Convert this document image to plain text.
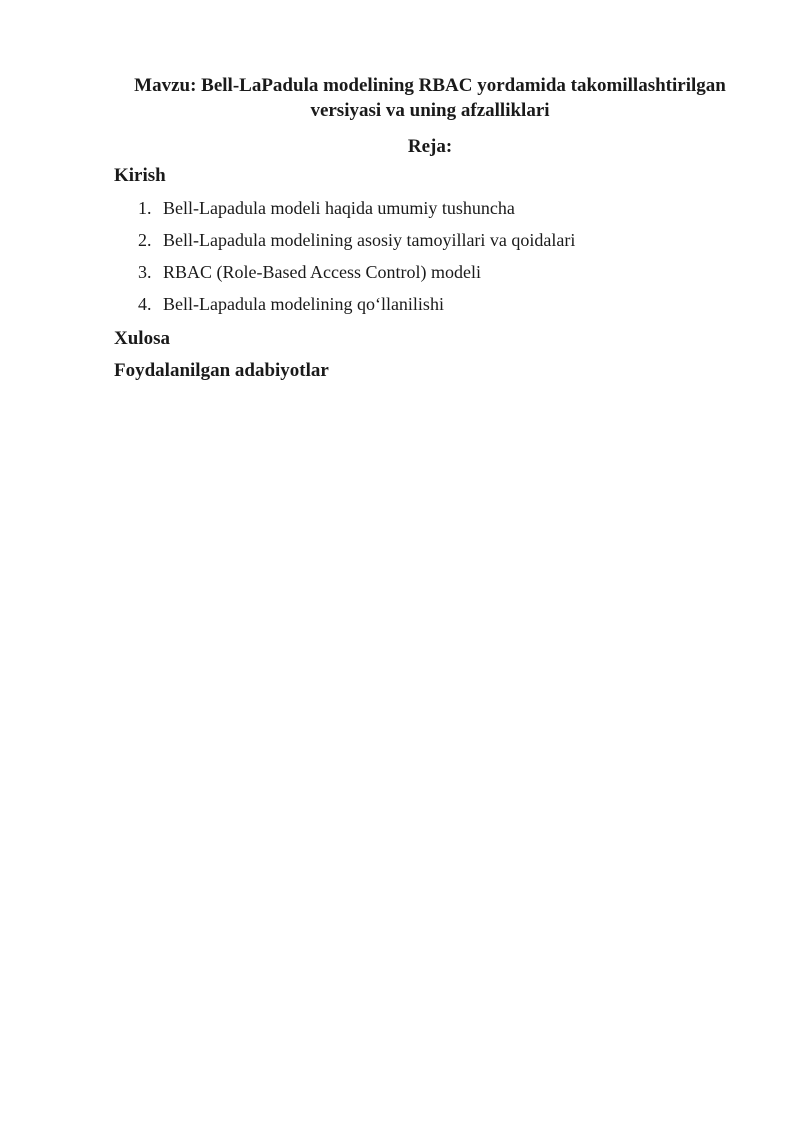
Mavzu: Bell-LaPadula modelining RBAC yordamida takomillashtirilgan versiyasi va uning afzalliklari
Reja:
Kirish
1. Bell-Lapadula modeli haqida umumiy tushuncha
2. Bell-Lapadula modelining asosiy tamoyillari va qoidalari
3. RBAC (Role-Based Access Control) modeli
4. Bell-Lapadula modelining qo‘llanilishi
Xulosa
Foydalanilgan adabiyotlar
